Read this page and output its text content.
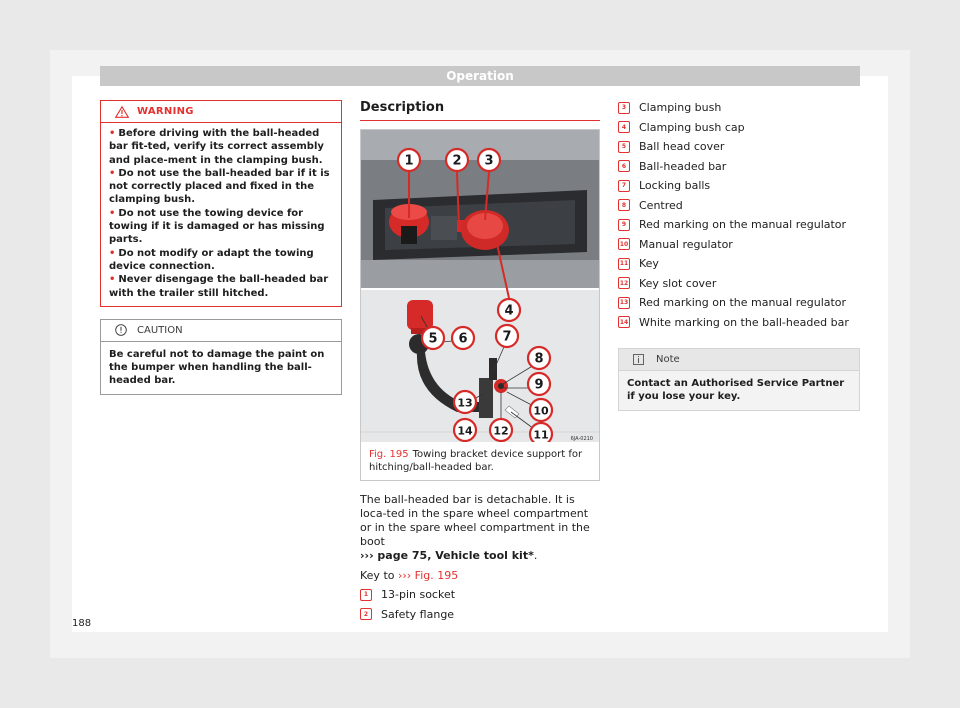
Operation
WARNING
• Before driving with the ball-headed bar fit-ted, verify its correct assembly and place-ment in the clamping bush.
• Do not use the ball-headed bar if it is not correctly placed and fixed in the clamping bush.
• Do not use the towing device for towing if it is damaged or has missing parts.
• Do not modify or adapt the towing device connection.
• Never disengage the ball-headed bar with the trailer still hitched.
CAUTION
Be careful not to damage the paint on the bumper when handling the ball-headed bar.
Description
1	2 3
4
5 6	7
8
9
10
11
12
13
14
6JA-0210
Fig. 195 Towing bracket device support for hitching/ball-headed bar.
The ball-headed bar is detachable. It is loca-ted in the spare wheel compartment or in the spare wheel compartment in the boot
››› page 75, Vehicle tool kit*.
Key to ››› Fig. 195
1	13-pin socket
2	Safety flange
3	Clamping bush
4	Clamping bush cap
5	Ball head cover
6	Ball-headed bar
7	Locking balls
8	Centred
9	Red marking on the manual regulator
10 Manual regulator
11 Key
12 Key slot cover
13 Red marking on the manual regulator
14 White marking on the ball-headed bar
Note
Contact an Authorised Service Partner if you lose your key.
188
